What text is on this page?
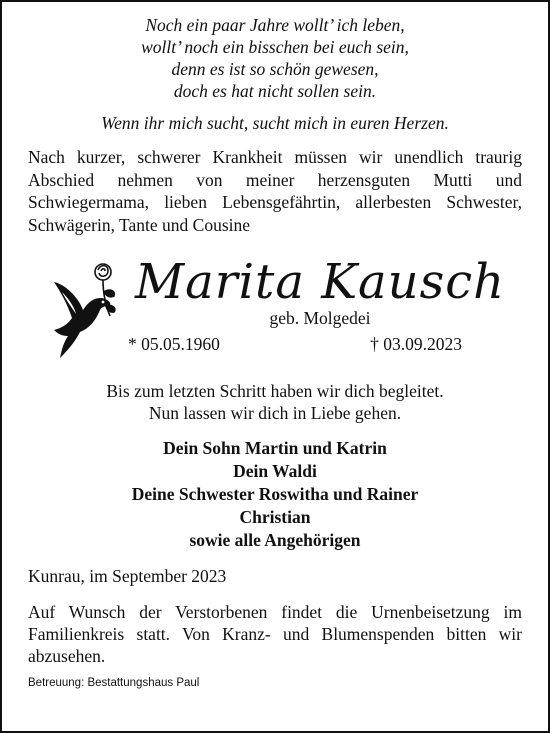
Noch ein paar Jahre wollt’ ich leben,

wollt’ noch ein bisschen bei euch sein,

denn es ist so schön gewesen,

doch es hat nicht sollen sein.

Wenn ihr mich sucht, sucht mich in euren Herzen.

Nach kurzer, schwerer Krankheit müssen wir unendlich traurig Abschied nehmen von meiner herzensguten Mutti und Schwiegermama, lieben Lebensgefährtin, allerbesten Schwester, Schwägerin, Tante und Cousine

Marita Kausch
geb. Molgedei
* 05.05.1960	† 03.09.2023

Bis zum letzten Schritt haben wir dich begleitet.

Nun lassen wir dich in Liebe gehen.

Dein Sohn Martin und Katrin

Dein Waldi

Deine Schwester Roswitha und Rainer

Christian

sowie alle Angehörigen

Kunrau, im September 2023
Auf Wunsch der Verstorbenen findet die Urnenbeisetzung im Familienkreis statt. Von Kranz- und Blumenspenden bitten wir abzusehen.
Betreuung: Bestattungshaus Paul
